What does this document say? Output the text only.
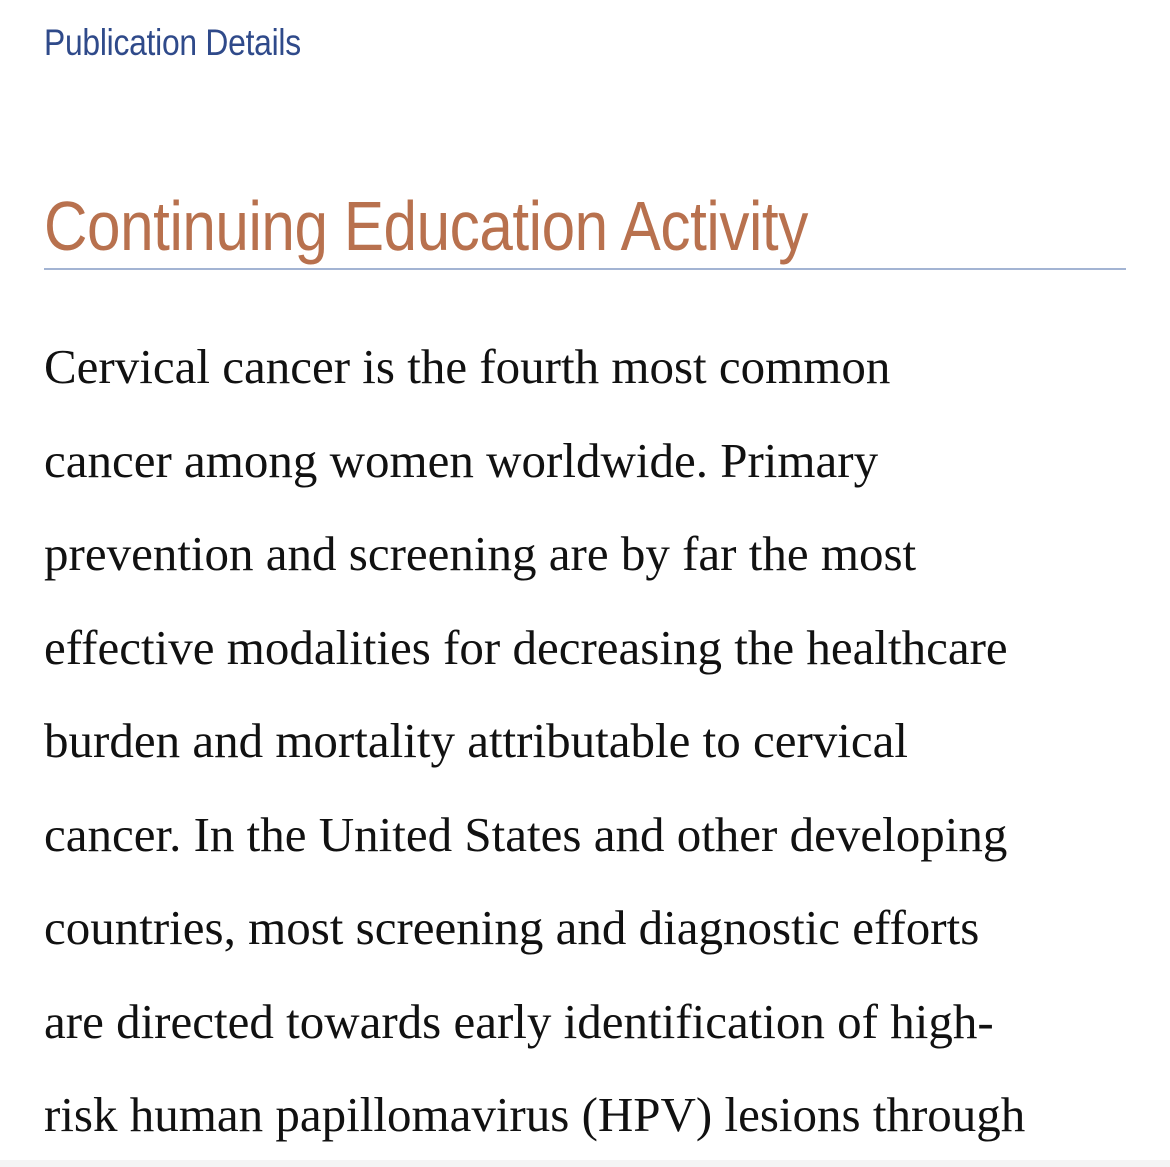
Publication Details
Continuing Education Activity

Cervical cancer is the fourth most common
cancer among women worldwide. Primary
prevention and screening are by far the most
effective modalities for decreasing the healthcare
burden and mortality attributable to cervical
cancer. In the United States and other developing
countries, most screening and diagnostic efforts
are directed towards early identification of high-
risk human papillomavirus (HPV) lesions through
